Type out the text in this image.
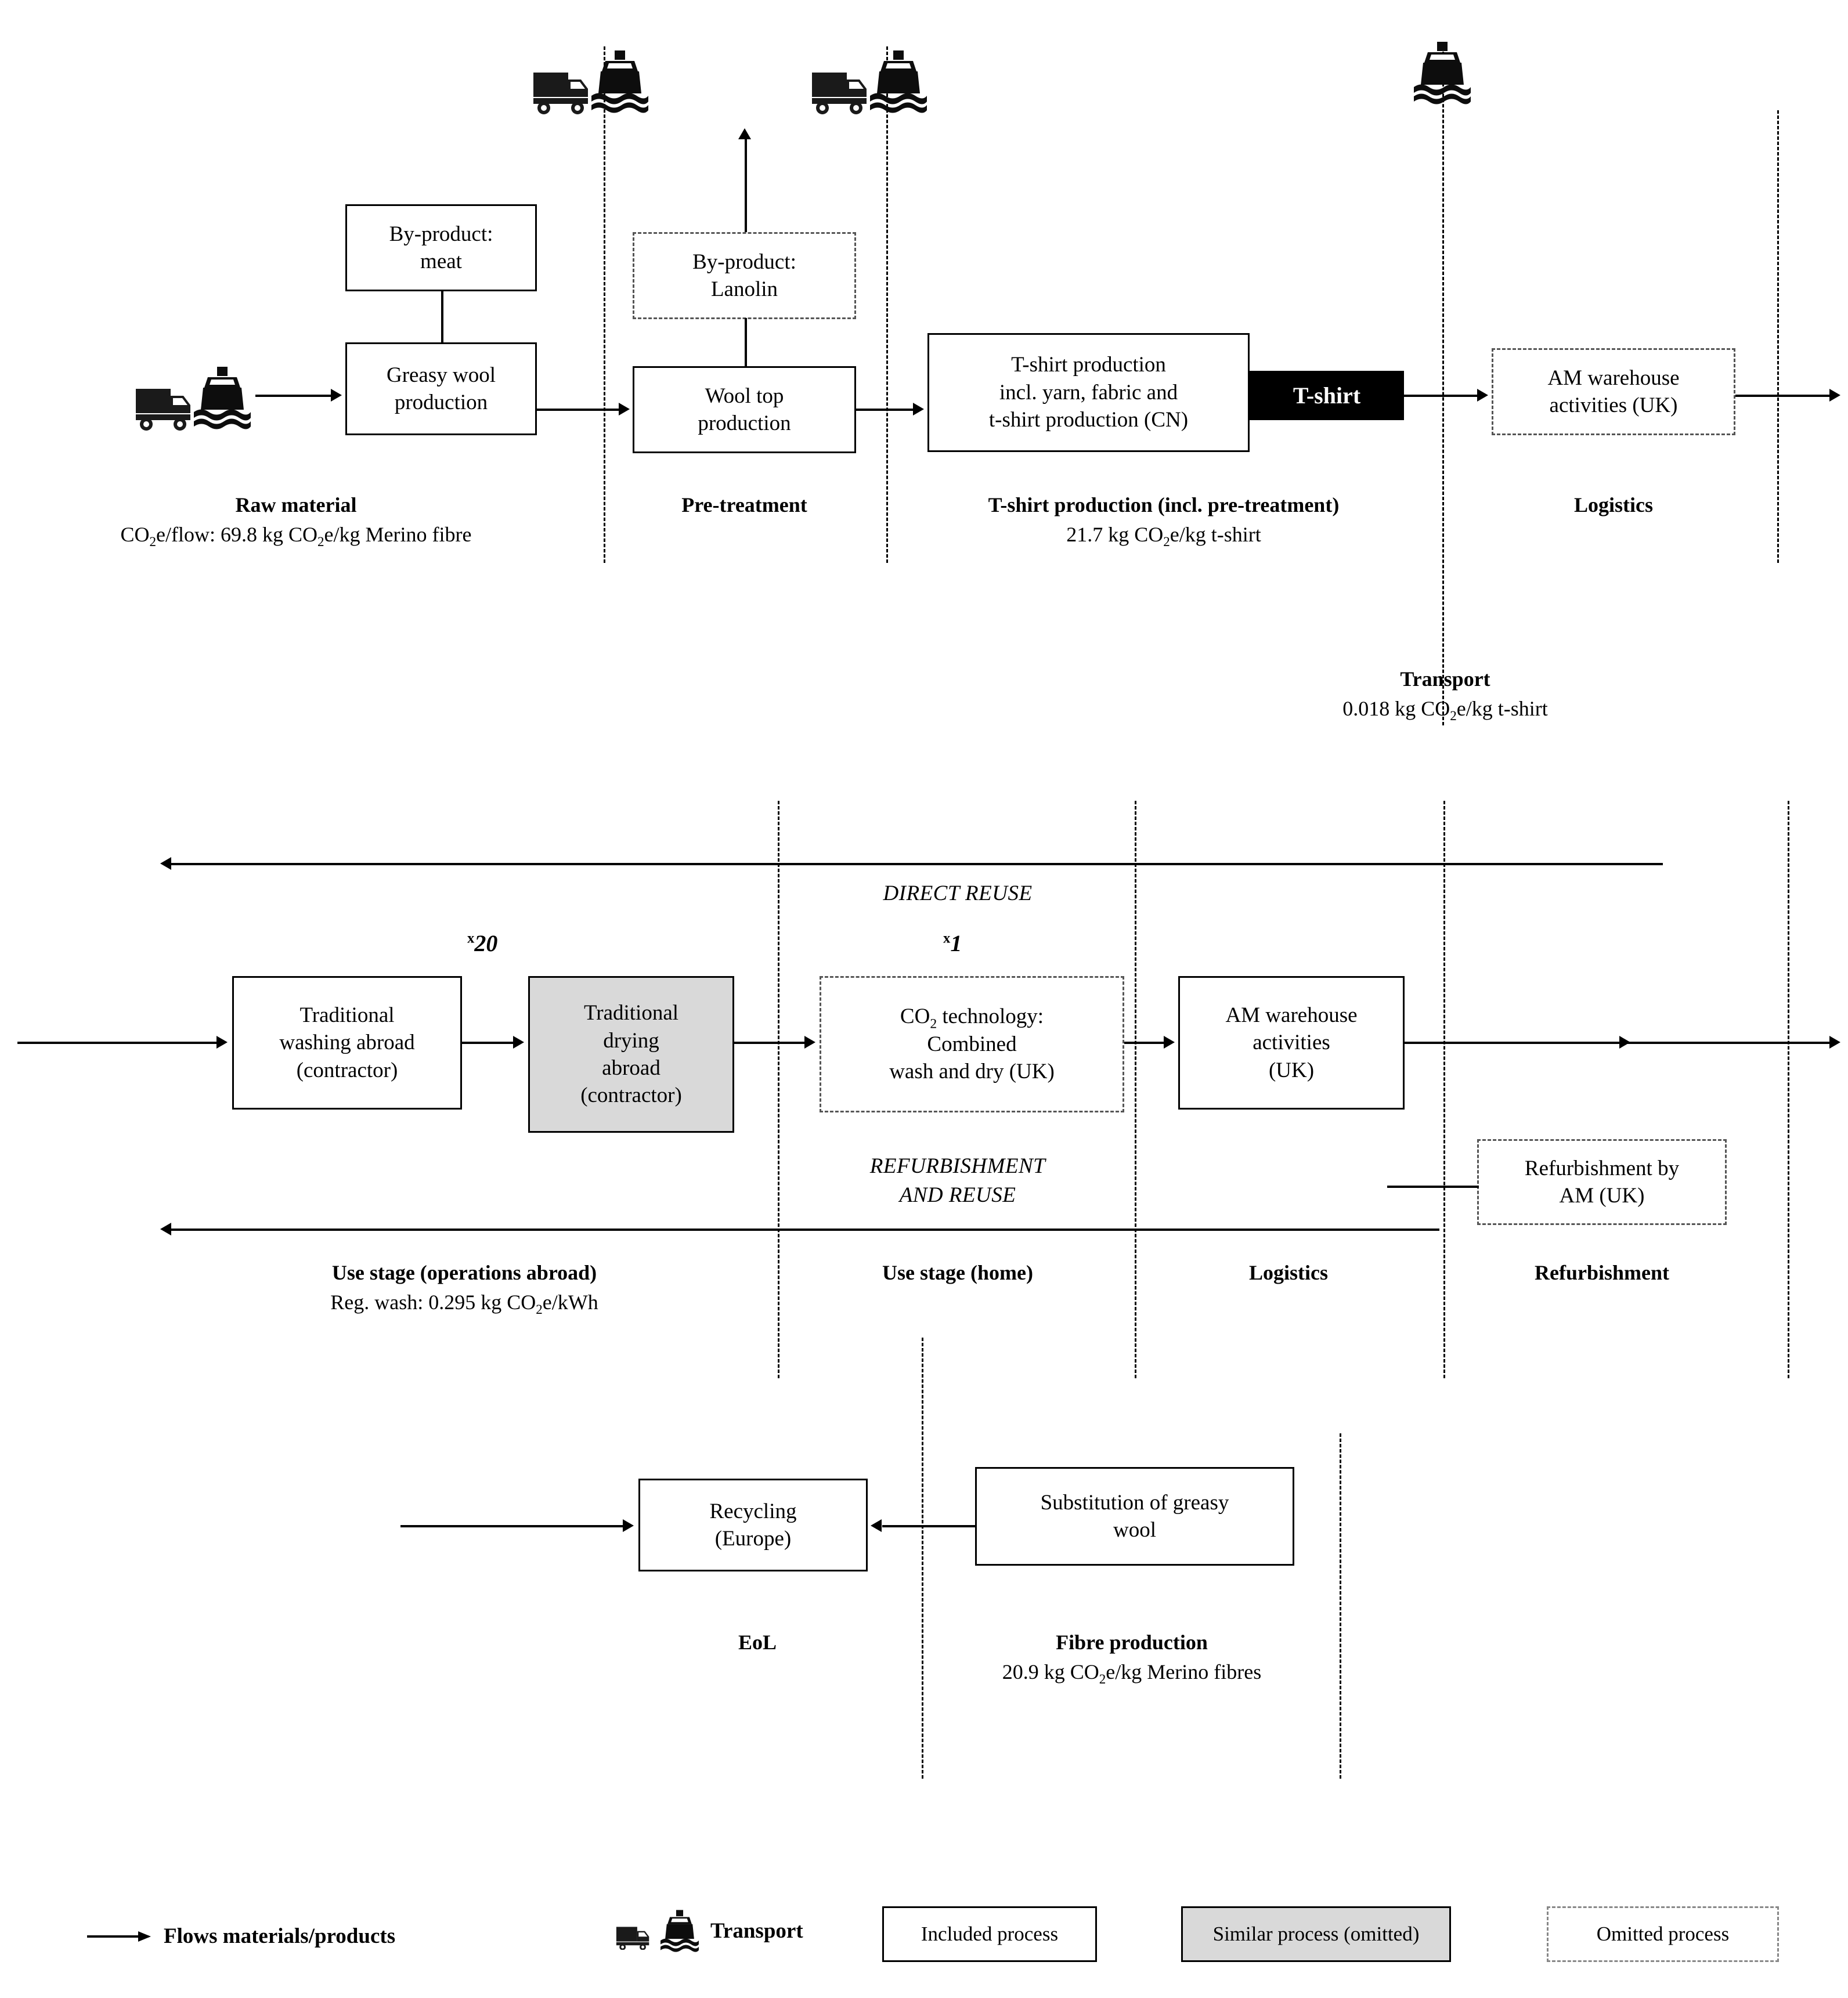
By-product:
meat
Greasy wool
production
By-product:
Lanolin
Wool top
production
T-shirt production
incl. yarn, fabric and
t-shirt production (CN)
T-shirt
AM warehouse
activities (UK)
Raw material
$CO_2e$/flow: 69.8 kg $CO_2e/kg$ Merino fibre
Pre-treatment	T-shirt production (incl. pre-treatment)
21.7 kg $CO_2e/kg$ t-shirt
Logistics
Transport
0.018 kg $CO_2e/kg$ t-shirt
DIRECT REUSE
REFURBISHMENT
AND REUSE
$^x$20	$^x$1
Traditional
washing abroad
(contractor)
Traditional
drying
abroad
(contractor)
$CO_2$ technology:
Combined
wash and dry (UK)
AM warehouse
activities
(UK)
Refurbishment by
AM (UK)
Use stage (operations abroad)
Reg. wash: 0.295 kg $CO_2e$/kWh
Use stage (home)	Logistics	Refurbishment
Recycling
(Europe)
Substitution of greasy
wool
EoL	Fibre production
20.9 kg $CO_2e/kg$ Merino fibres
Flows materials/products	Transport	Included process	Similar process (omitted)	Omitted process
